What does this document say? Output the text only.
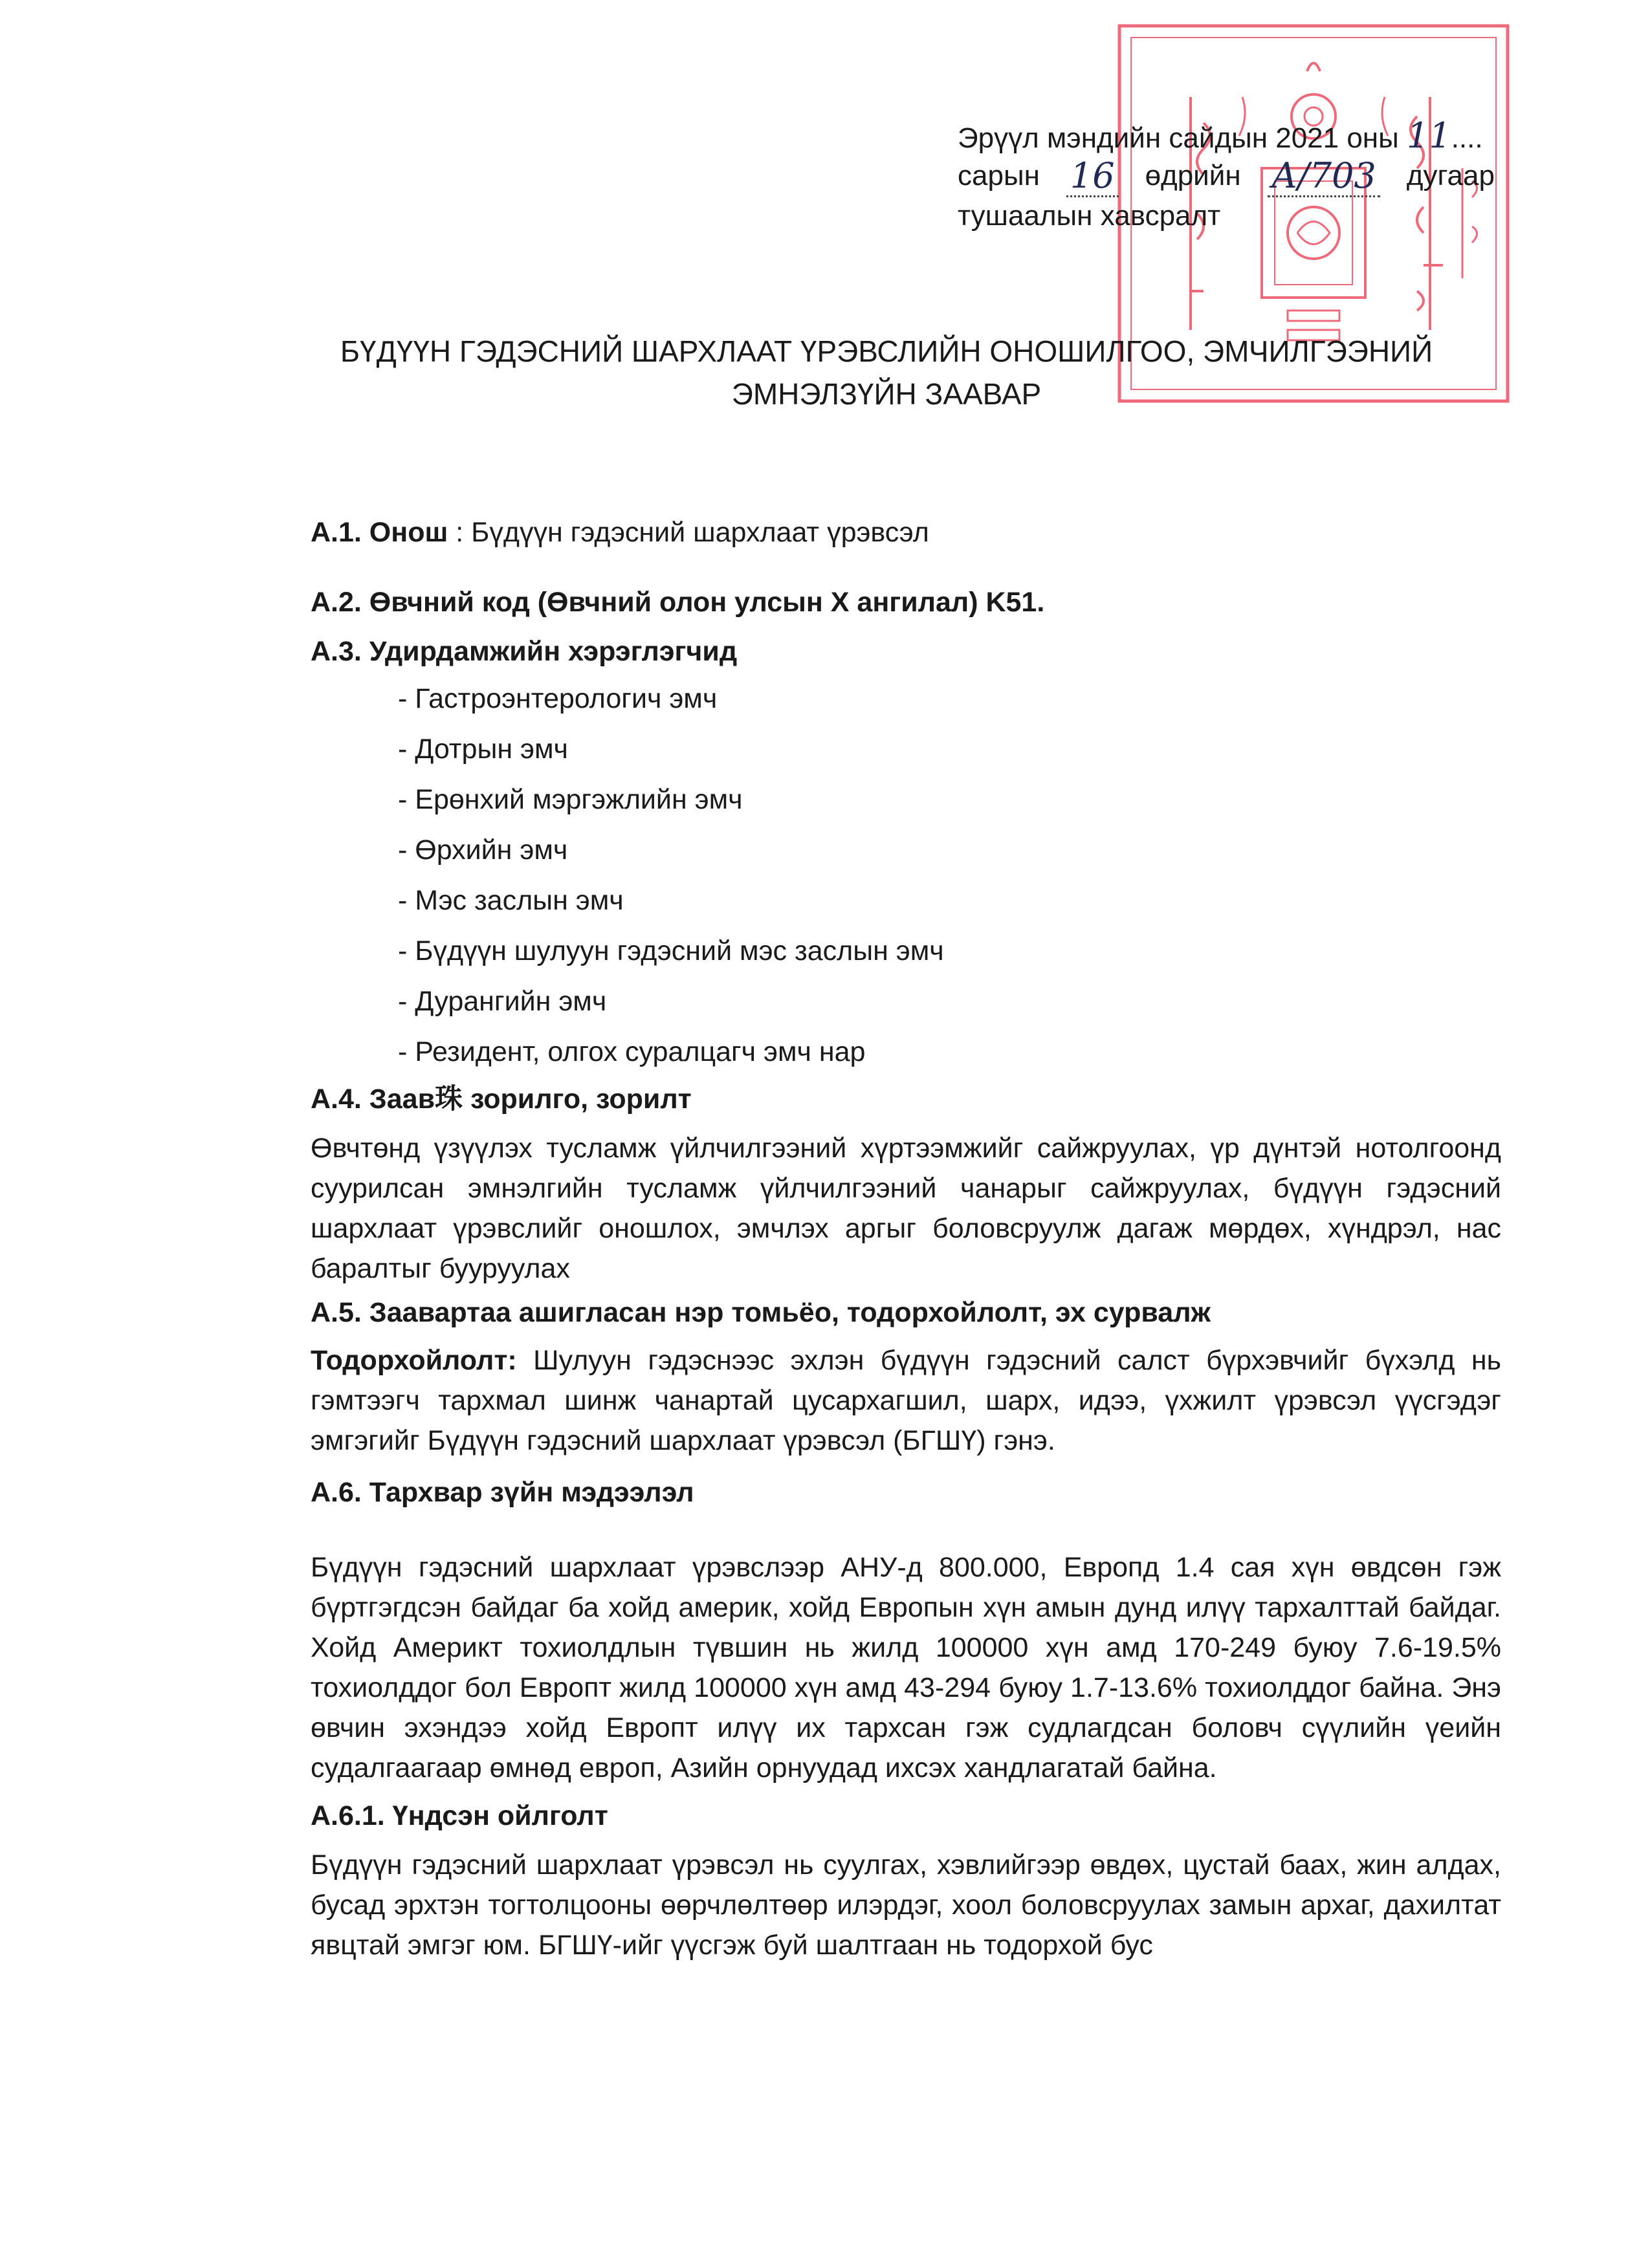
Эрүүл мэндийн сайдын 2021 оны 11....
сарын 16 өдрийн А/703 дугаар
тушаалын хавсралт
БҮДҮҮН ГЭДЭСНИЙ ШАРХЛААТ ҮРЭВСЛИЙН ОНОШИЛГОО, ЭМЧИЛГЭЭНИЙ
ЭМНЭЛЗҮЙН ЗААВАР
А.1. Онош : Бүдүүн гэдэсний шархлаат үрэвсэл
А.2. Өвчний код (Өвчний олон улсын X ангилал) K51.
А.3. Удирдамжийн хэрэглэгчид
- Гастроэнтерологич эмч
- Дотрын эмч
- Ерөнхий мэргэжлийн эмч
- Өрхийн эмч
- Мэс заслын эмч
- Бүдүүн шулуун гэдэсний мэс заслын эмч
- Дурангийн эмч
- Резидент, олгох суралцагч эмч нар
А.4. Заав珠 зорилго, зорилт
Өвчтөнд үзүүлэх тусламж үйлчилгээний хүртээмжийг сайжруулах, үр дүнтэй нотолгоонд суурилсан эмнэлгийн тусламж үйлчилгээний чанарыг сайжруулах, бүдүүн гэдэсний шархлаат үрэвслийг оношлох, эмчлэх аргыг боловсруулж дагаж мөрдөх, хүндрэл, нас баралтыг бууруулах
А.5. Заавартаа ашигласан нэр томьёо, тодорхойлолт, эх сурвалж
Тодорхойлолт: Шулуун гэдэснээс эхлэн бүдүүн гэдэсний салст бүрхэвчийг бүхэлд нь гэмтээгч тархмал шинж чанартай цусархагшил, шарх, идээ, үхжилт үрэвсэл үүсгэдэг эмгэгийг Бүдүүн гэдэсний шархлаат үрэвсэл (БГШҮ) гэнэ.
А.6. Тархвар зүйн мэдээлэл
Бүдүүн гэдэсний шархлаат үрэвслээр АНУ-д 800.000, Европд 1.4 сая хүн өвдсөн гэж бүртгэгдсэн байдаг ба хойд америк, хойд Европын хүн амын дунд илүү тархалттай байдаг. Хойд Америкт тохиолдлын түвшин нь жилд 100000 хүн амд 170-249 буюу 7.6-19.5% тохиолддог бол Европт жилд 100000 хүн амд 43-294 буюу 1.7-13.6% тохиолддог байна. Энэ өвчин эхэндээ хойд Европт илүү их тархсан гэж судлагдсан боловч сүүлийн үеийн судалгаагаар өмнөд европ, Азийн орнуудад ихсэх хандлагатай байна.
А.6.1. Үндсэн ойлголт
Бүдүүн гэдэсний шархлаат үрэвсэл нь суулгах, хэвлийгээр өвдөх, цустай баах, жин алдах, бусад эрхтэн тогтолцооны өөрчлөлтөөр илэрдэг, хоол боловсруулах замын архаг, дахилтат явцтай эмгэг юм. БГШҮ-ийг үүсгэж буй шалтгаан нь тодорхой бус
